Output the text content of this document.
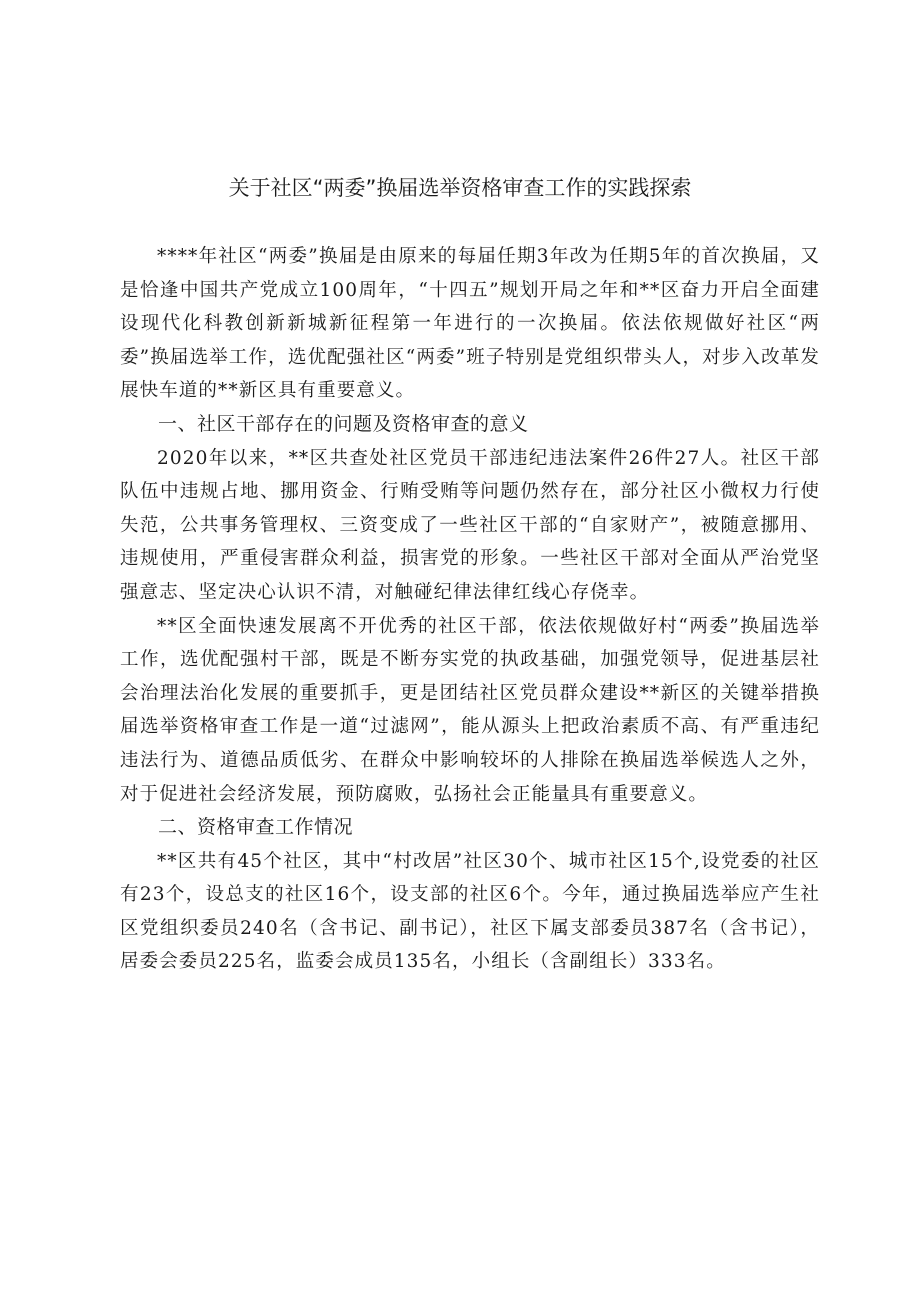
关于社区“两委”换届选举资格审查工作的实践探索

****年社区“两委”换届是由原来的每届任期3年改为任期5年的首次换届，又是恰逢中国共产党成立100周年，“十四五”规划开局之年和**区奋力开启全面建设现代化科教创新新城新征程第一年进行的一次换届。依法依规做好社区“两委”换届选举工作，选优配强社区“两委”班子特别是党组织带头人，对步入改革发展快车道的**新区具有重要意义。

一、社区干部存在的问题及资格审查的意义

2020年以来，**区共查处社区党员干部违纪违法案件26件27人。社区干部队伍中违规占地、挪用资金、行贿受贿等问题仍然存在，部分社区小微权力行使失范，公共事务管理权、三资变成了一些社区干部的“自家财产”，被随意挪用、违规使用，严重侵害群众利益，损害党的形象。一些社区干部对全面从严治党坚强意志、坚定决心认识不清，对触碰纪律法律红线心存侥幸。

**区全面快速发展离不开优秀的社区干部，依法依规做好村“两委”换届选举工作，选优配强村干部，既是不断夯实党的执政基础，加强党领导，促进基层社会治理法治化发展的重要抓手，更是团结社区党员群众建设**新区的关键举措换届选举资格审查工作是一道“过滤网”，能从源头上把政治素质不高、有严重违纪违法行为、道德品质低劣、在群众中影响较坏的人排除在换届选举候选人之外，对于促进社会经济发展，预防腐败，弘扬社会正能量具有重要意义。

二、资格审查工作情况

**区共有45个社区，其中“村改居”社区30个、城市社区15个,设党委的社区有23个，设总支的社区16个，设支部的社区6个。今年，通过换届选举应产生社区党组织委员240名（含书记、副书记），社区下属支部委员387名（含书记），居委会委员225名，监委会成员135名，小组长（含副组长）333名。
